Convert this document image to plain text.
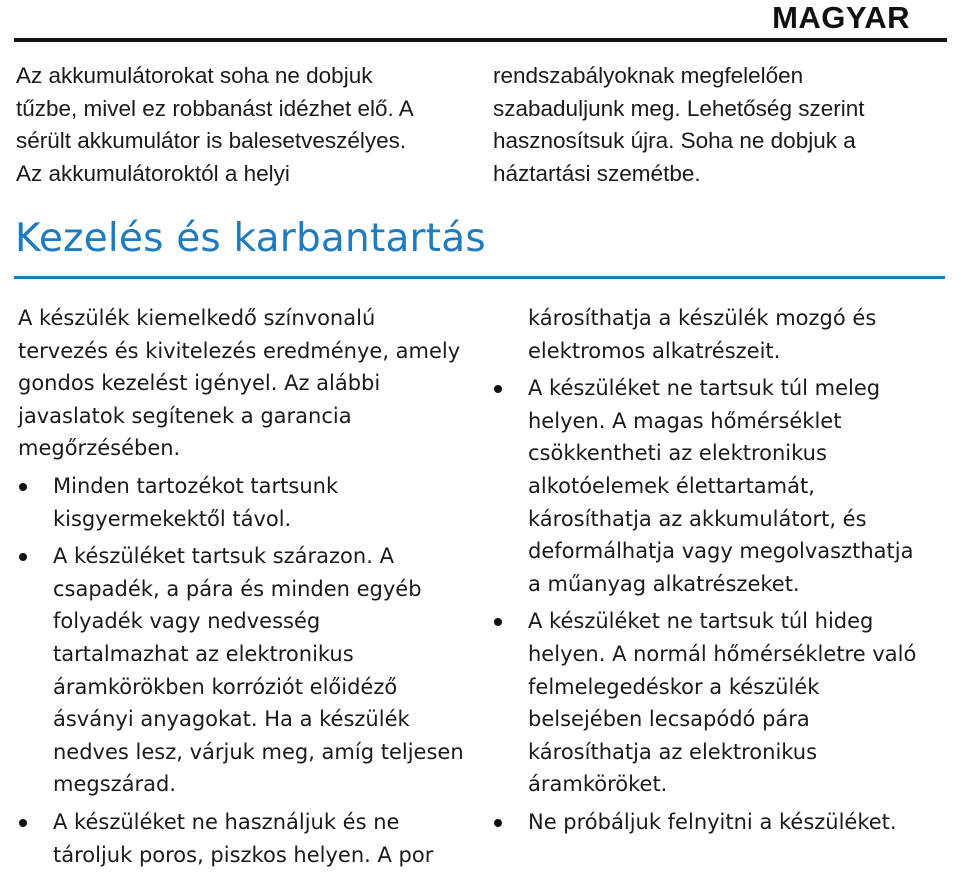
MAGYAR

Az akkumulátorokat soha ne dobjuk
tűzbe, mivel ez robbanást idézhet elő. A
sérült akkumulátor is balesetveszélyes.
Az akkumulátoroktól a helyi

rendszabályoknak megfelelően
szabaduljunk meg. Lehetőség szerint
hasznosítsuk újra. Soha ne dobjuk a
háztartási szemétbe.

Kezelés és karbantartás

A készülék kiemelkedő színvonalú
tervezés és kivitelezés eredménye, amely
gondos kezelést igényel. Az alábbi
javaslatok segítenek a garancia
megőrzésében.

Minden tartozékot tartsunk
kisgyermekektől távol.
A készüléket tartsuk szárazon. A
csapadék, a pára és minden egyéb
folyadék vagy nedvesség
tartalmazhat az elektronikus
áramkörökben korróziót előidéző
ásványi anyagokat. Ha a készülék
nedves lesz, várjuk meg, amíg teljesen
megszárad.
A készüléket ne használjuk és ne
tároljuk poros, piszkos helyen. A por

károsíthatja a készülék mozgó és
elektromos alkatrészeit.

A készüléket ne tartsuk túl meleg
helyen. A magas hőmérséklet
csökkentheti az elektronikus
alkotóelemek élettartamát,
károsíthatja az akkumulátort, és
deformálhatja vagy megolvaszthatja
a műanyag alkatrészeket.
A készüléket ne tartsuk túl hideg
helyen. A normál hőmérsékletre való
felmelegedéskor a készülék
belsejében lecsapódó pára
károsíthatja az elektronikus
áramköröket.
Ne próbáljuk felnyitni a készüléket.
